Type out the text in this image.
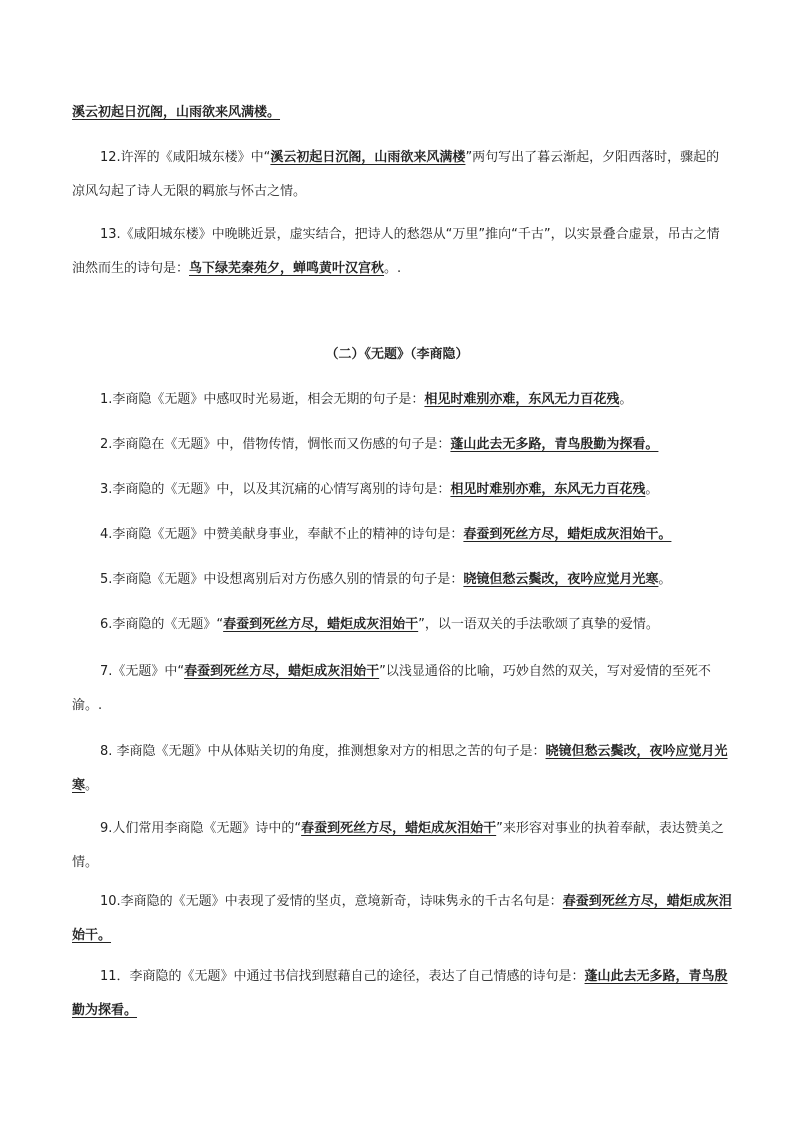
溪云初起日沉阁，山雨欲来风满楼。

12.许浑的《咸阳城东楼》中“溪云初起日沉阁，山雨欲来风满楼”两句写出了暮云渐起，夕阳西落时，骤起的凉风勾起了诗人无限的羁旅与怀古之情。

13.《咸阳城东楼》中晚眺近景，虚实结合，把诗人的愁怨从“万里”推向“千古”，以实景叠合虚景，吊古之情油然而生的诗句是：鸟下绿芜秦苑夕，蝉鸣黄叶汉宫秋。.

（二）《无题》（李商隐）

1.李商隐《无题》中感叹时光易逝，相会无期的句子是：相见时难别亦难，东风无力百花残。

2.李商隐在《无题》中，借物传情，惆怅而又伤感的句子是：蓬山此去无多路，青鸟殷勤为探看。

3.李商隐的《无题》中，以及其沉痛的心情写离别的诗句是：相见时难别亦难，东风无力百花残。

4.李商隐《无题》中赞美献身事业，奉献不止的精神的诗句是：春蚕到死丝方尽，蜡炬成灰泪始干。

5.李商隐《无题》中设想离别后对方伤感久别的情景的句子是：晓镜但愁云鬓改，夜吟应觉月光寒。

6.李商隐的《无题》“春蚕到死丝方尽，蜡炬成灰泪始干”，以一语双关的手法歌颂了真挚的爱情。

7.《无题》中“春蚕到死丝方尽，蜡炬成灰泪始干”以浅显通俗的比喻，巧妙自然的双关，写对爱情的至死不渝。.

8. 李商隐《无题》中从体贴关切的角度，推测想象对方的相思之苦的句子是：晓镜但愁云鬓改，夜吟应觉月光寒。

9.人们常用李商隐《无题》诗中的“春蚕到死丝方尽，蜡炬成灰泪始干”来形容对事业的执着奉献，表达赞美之情。

10.李商隐的《无题》中表现了爱情的坚贞，意境新奇，诗味隽永的千古名句是：春蚕到死丝方尽，蜡炬成灰泪始干。

11．李商隐的《无题》中通过书信找到慰藉自己的途径，表达了自己情感的诗句是：蓬山此去无多路，青鸟殷勤为探看。
